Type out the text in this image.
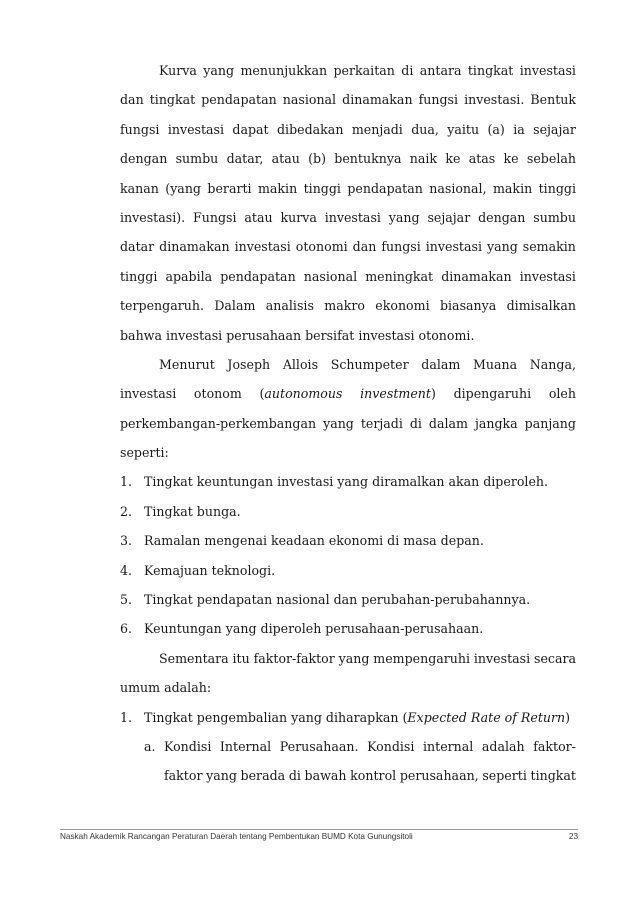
Kurva yang menunjukkan perkaitan di antara tingkat investasi
dan tingkat pendapatan nasional dinamakan fungsi investasi. Bentuk
fungsi investasi dapat dibedakan menjadi dua, yaitu (a) ia sejajar
dengan sumbu datar, atau (b) bentuknya naik ke atas ke sebelah
kanan (yang berarti makin tinggi pendapatan nasional, makin tinggi
investasi). Fungsi atau kurva investasi yang sejajar dengan sumbu
datar dinamakan investasi otonomi dan fungsi investasi yang semakin
tinggi apabila pendapatan nasional meningkat dinamakan investasi
terpengaruh. Dalam analisis makro ekonomi biasanya dimisalkan
bahwa investasi perusahaan bersifat investasi otonomi.
Menurut Joseph Allois Schumpeter dalam Muana Nanga,
investasi otonom (autonomous investment) dipengaruhi oleh
perkembangan-perkembangan yang terjadi di dalam jangka panjang
seperti:
1. Tingkat keuntungan investasi yang diramalkan akan diperoleh.
2. Tingkat bunga.
3. Ramalan mengenai keadaan ekonomi di masa depan.
4. Kemajuan teknologi.
5. Tingkat pendapatan nasional dan perubahan-perubahannya.
6. Keuntungan yang diperoleh perusahaan-perusahaan.
Sementara itu faktor-faktor yang mempengaruhi investasi secara
umum adalah:
1. Tingkat pengembalian yang diharapkan (Expected Rate of Return)
a. Kondisi Internal Perusahaan. Kondisi internal adalah faktor-
faktor yang berada di bawah kontrol perusahaan, seperti tingkat
Naskah Akademik Rancangan Peraturan Daerah tentang Pembentukan BUMD Kota Gunungsitoli	23
